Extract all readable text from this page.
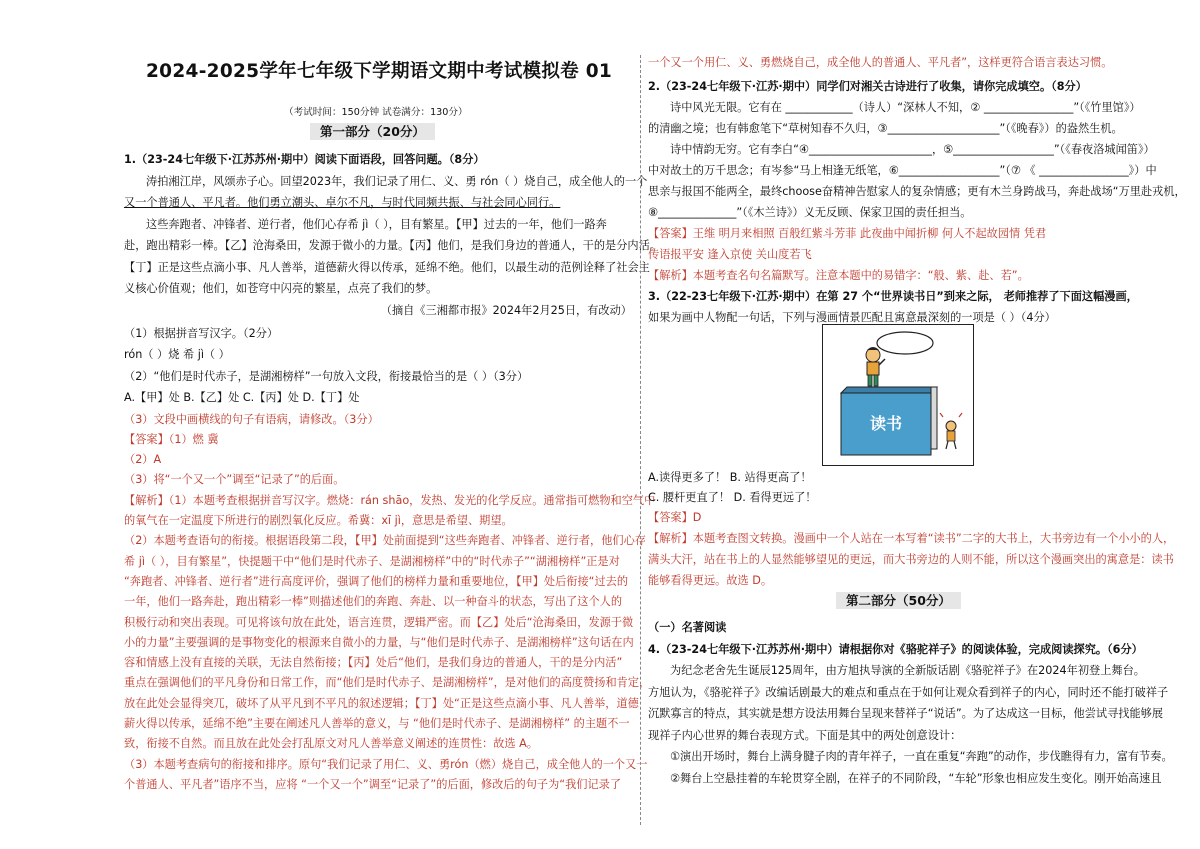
2024-2025学年七年级下学期语文期中考试模拟卷 01
（考试时间：150分钟 试卷满分：130分）
第一部分（20分）
1.（23-24七年级下·江苏苏州·期中）阅读下面语段，回答问题。（8分）
涛拍湘江岸，风颂赤子心。回望2023年，我们记录了用仁、义、勇 rón（ ）烧自己，成全他人的一个
又一个普通人、平凡者。他们勇立潮头、卓尔不凡，与时代同频共振、与社会同心同行。
这些奔跑者、冲锋者、逆行者，他们心存希 jì（ ），目有繁星。【甲】过去的一年，他们一路奔
赴，跑出精彩一棒。【乙】沧海桑田，发源于微小的力量。【丙】他们，是我们身边的普通人，干的是分内活。
【丁】正是这些点滴小事、凡人善举，道德薪火得以传承，延绵不绝。他们，以最生动的范例诠释了社会主
义核心价值观；他们，如苍穹中闪亮的繁星，点亮了我们的梦。
（摘自《三湘都市报》2024年2月25日，有改动）
（1）根据拼音写汉字。（2分）
rón（ ）烧 希 jì（ ）
（2）“他们是时代赤子，是湖湘榜样”一句放入文段，衔接最恰当的是（ ）（3分）
A.【甲】处 B.【乙】处 C.【丙】处 D.【丁】处
（3）文段中画横线的句子有语病，请修改。（3分）
【答案】（1）燃 冀
（2）A
（3）将“一个又一个”调至“记录了”的后面。
【解析】（1）本题考查根据拼音写汉字。燃烧：rán shāo，发热、发光的化学反应。通常指可燃物和空气中
的氧气在一定温度下所进行的剧烈氧化反应。希冀：xī jì，意思是希望、期望。
（2）本题考查语句的衔接。根据语段第二段，【甲】处前面提到“这些奔跑者、冲锋者、逆行者，他们心存
希 jì（ ），目有繁星”，快提题干中“他们是时代赤子、是湖湘榜样”中的“时代赤子”“湖湘榜样”正是对
“奔跑者、冲锋者、逆行者”进行高度评价，强调了他们的榜样力量和重要地位，【甲】处后衔接“过去的
一年，他们一路奔赴，跑出精彩一棒”则描述他们的奔跑、奔赴、以一种奋斗的状态，写出了这个人的
积极行动和突出表现。可见将该句放在此处，语言连贯，逻辑严密。而【乙】处后“沧海桑田，发源于微
小的力量”主要强调的是事物变化的根源来自微小的力量，与“他们是时代赤子、是湖湘榜样”这句话在内
容和情感上没有直接的关联，无法自然衔接；【丙】处后“他们，是我们身边的普通人，干的是分内活”
重点在强调他们的平凡身份和日常工作，而“他们是时代赤子、是湖湘榜样”，是对他们的高度赞扬和肯定，
放在此处会显得突兀，破坏了从平凡到不平凡的叙述逻辑；【丁】处“正是这些点滴小事、凡人善举，道德
薪火得以传承，延绵不绝”主要在阐述凡人善举的意义，与 “他们是时代赤子、是湖湘榜样” 的主题不一
致，衔接不自然。而且放在此处会打乱原文对凡人善举意义阐述的连贯性：故选 A。
（3）本题考查病句的衔接和排序。原句“我们记录了用仁、义、勇rón（燃）烧自己，成全他人的一个又一
个普通人、平凡者”语序不当，应将 “一个又一个”调至“记录了”的后面，修改后的句子为“我们记录了
一个又一个用仁、义、勇燃烧自己，成全他人的普通人、平凡者”，这样更符合语言表达习惯。
2.（23-24七年级下·江苏·期中）同学们对湘关古诗进行了收集，请你完成填空。（8分）
诗中风光无限。它有在 ____________（诗人）“深林人不知，② ________________”（《竹里馆》）
的清幽之境；也有韩愈笔下“草树知春不久归，③____________________”（《晚春》）的盎然生机。
诗中情韵无穷。它有李白“④______________________，⑤__________________”（《春夜洛城闻笛》）
中对故土的万千思念；有岑参“马上相逢无纸笔，⑥__________________”（⑦ 《 ________________》）中
思亲与报国不能两全，最终choose奋精神告慰家人的复杂情感；更有木兰身跨战马，奔赴战场“万里赴戎机，
⑧______________”（《木兰诗》）义无反顾、保家卫国的责任担当。
【答案】王维 明月来相照 百般红紫斗芳菲 此夜曲中闻折柳 何人不起故园情 凭君
传语报平安 逢入京使 关山度若飞
【解析】本题考查名句名篇默写。注意本题中的易错字：“般、紫、赴、若”。
3.（22-23七年级下·江苏·期中）在第 27 个“世界读书日”到来之际， 老师推荐了下面这幅漫画，
如果为画中人物配一句话，下列与漫画情景匹配且寓意最深刻的一项是（ ）（4分）
A.读得更多了！ B. 站得更高了！
C. 腰杆更直了！ D. 看得更远了！
【答案】D
【解析】本题考查图文转换。漫画中一个人站在一本写着“读书”二字的大书上，大书旁边有一个小小的人，
满头大汗，站在书上的人显然能够望见的更远，而大书旁边的人则不能，所以这个漫画突出的寓意是：读书
能够看得更远。故选 D。
第二部分（50分）
（一）名著阅读
4.（23-24七年级下·江苏苏州·期中）请根据你对《骆驼祥子》的阅读体验，完成阅读探究。（6分）
为纪念老舍先生诞辰125周年，由方旭执导演的全新版话剧《骆驼祥子》在2024年初登上舞台。
方旭认为，《骆驼祥子》改编话剧最大的难点和重点在于如何让观众看到祥子的内心，同时还不能打破祥子
沉默寡言的特点，其实就是想方设法用舞台呈现来替祥子“说话”。为了达成这一目标，他尝试寻找能够展
现祥子内心世界的舞台表现方式。下面是其中的两处创意设计：
①演出开场时，舞台上满身腱子肉的青年祥子，一直在重复“奔跑”的动作，步伐瞧得有力，富有节奏。
②舞台上空悬挂着的车轮贯穿全剧，在祥子的不同阶段，“车轮”形象也相应发生变化。刚开始高速且
读书
